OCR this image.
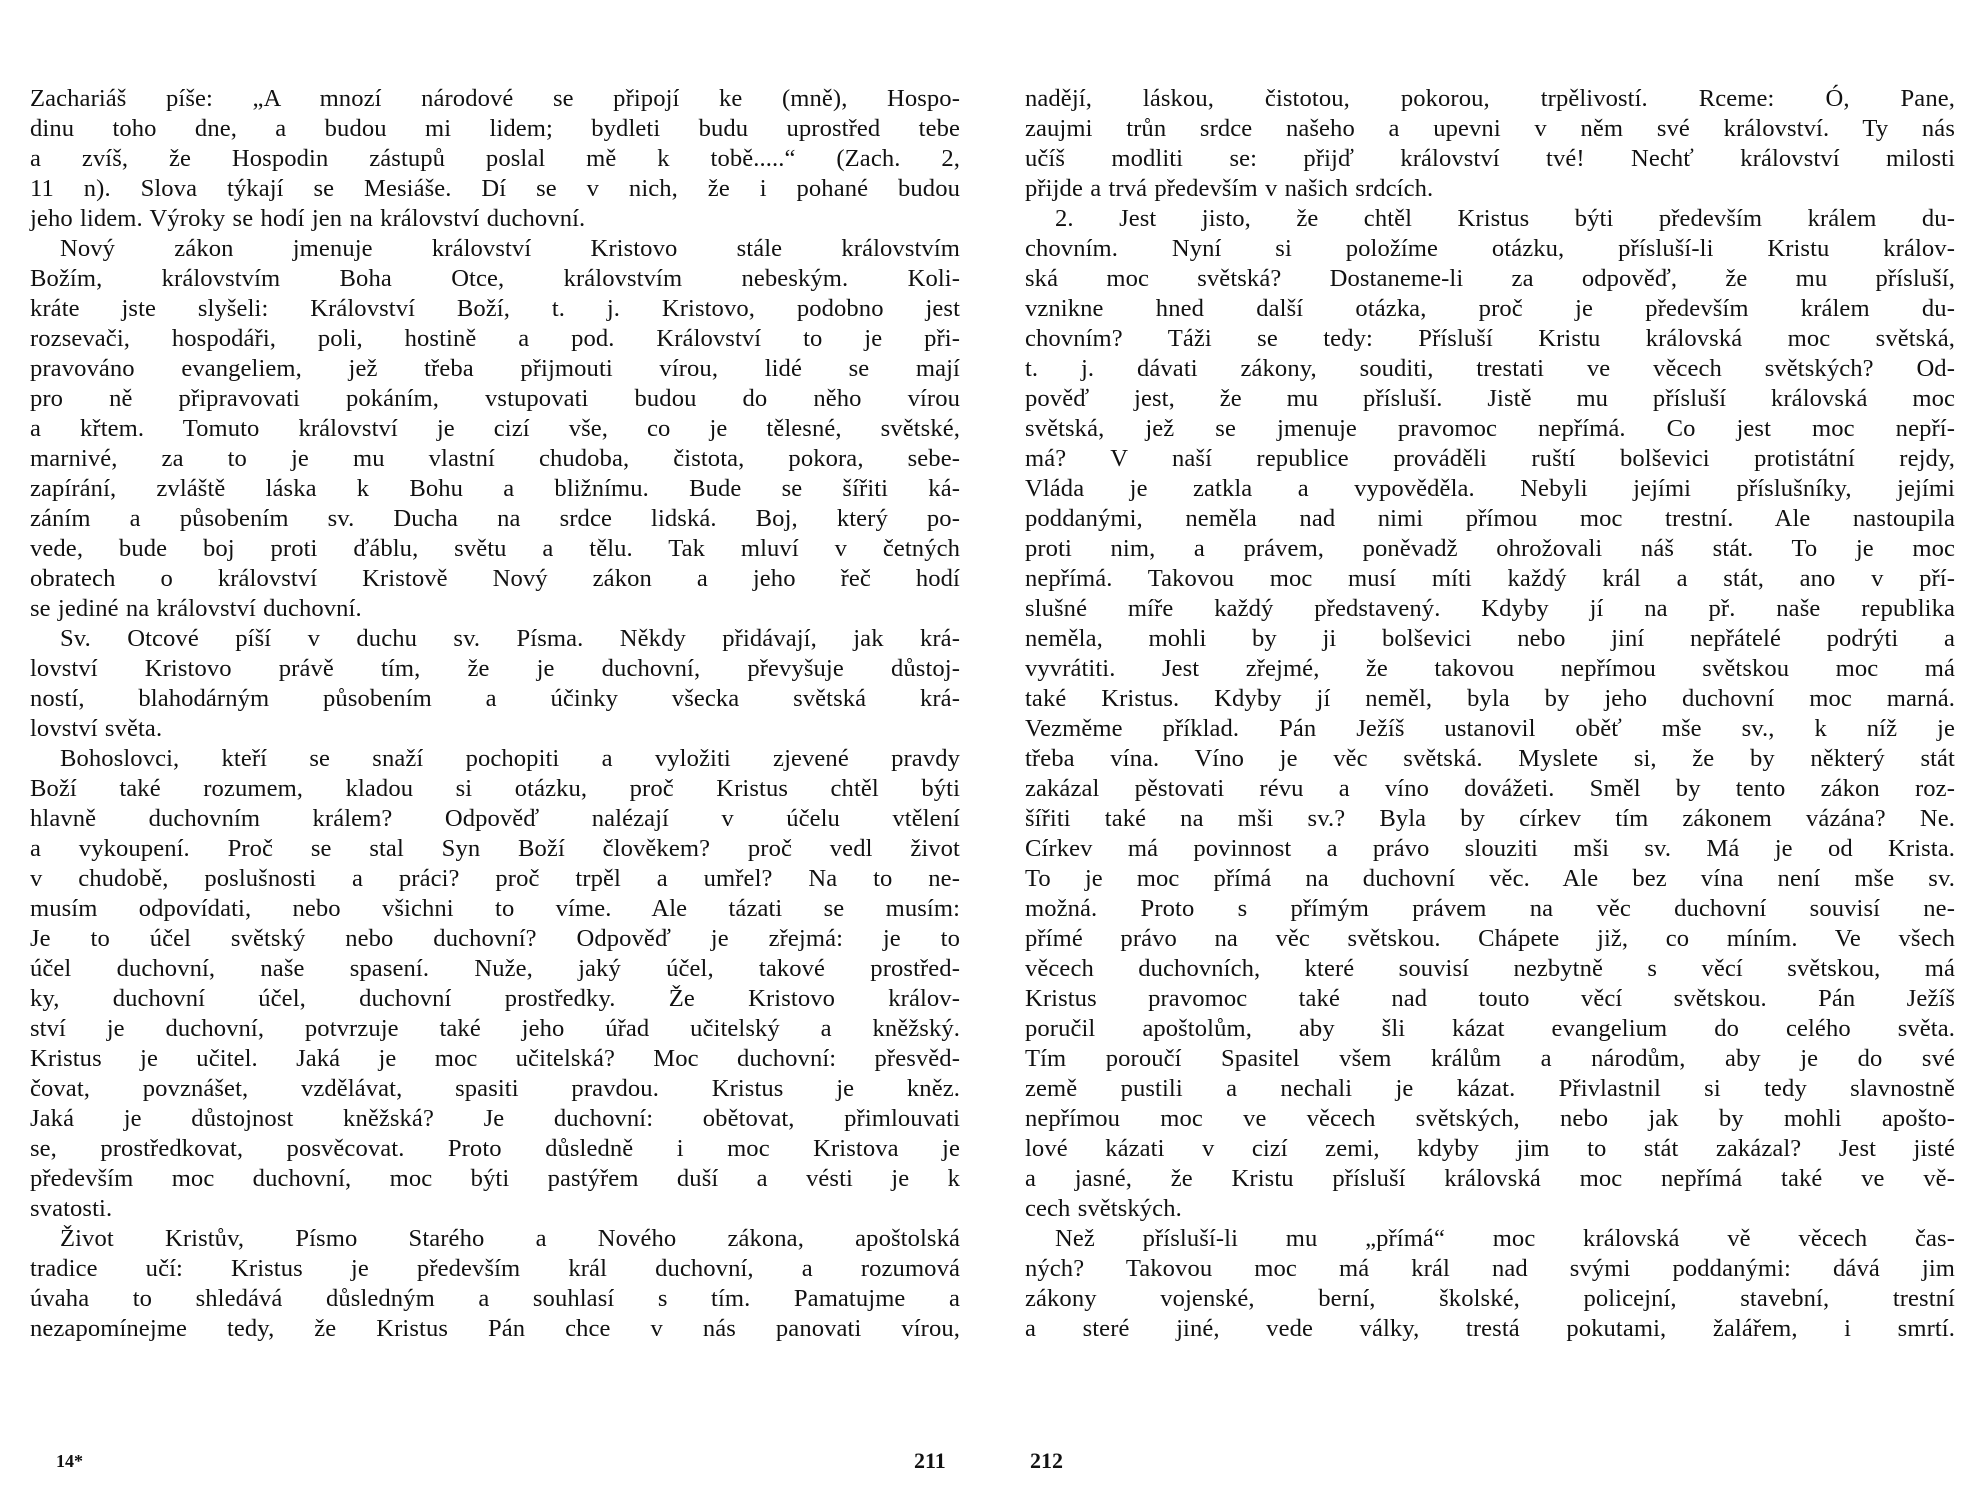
Zachariáš píše: „A mnozí národové se připojí ke (mně), Hospo-
dinu toho dne, a budou mi lidem; bydleti budu uprostřed tebe
a zvíš, že Hospodin zástupů poslal mě k tobě.....“ (Zach. 2,
11 n). Slova týkají se Mesiáše. Dí se v nich, že i pohané budou
jeho lidem. Výroky se hodí jen na království duchovní.
Nový zákon jmenuje království Kristovo stále královstvím
Božím, královstvím Boha Otce, královstvím nebeským. Koli-
kráte jste slyšeli: Království Boží, t. j. Kristovo, podobno jest
rozsevači, hospodáři, poli, hostině a pod. Království to je při-
pravováno evangeliem, jež třeba přijmouti vírou, lidé se mají
pro ně připravovati pokáním, vstupovati budou do něho vírou
a křtem. Tomuto království je cizí vše, co je tělesné, světské,
marnivé, za to je mu vlastní chudoba, čistota, pokora, sebe-
zapírání, zvláště láska k Bohu a bližnímu. Bude se šířiti ká-
záním a působením sv. Ducha na srdce lidská. Boj, který po-
vede, bude boj proti ďáblu, světu a tělu. Tak mluví v četných
obratech o království Kristově Nový zákon a jeho řeč hodí
se jediné na království duchovní.
Sv. Otcové píší v duchu sv. Písma. Někdy přidávají, jak krá-
lovství Kristovo právě tím, že je duchovní, převyšuje důstoj-
ností, blahodárným působením a účinky všecka světská krá-
lovství světa.
Bohoslovci, kteří se snaží pochopiti a vyložiti zjevené pravdy
Boží také rozumem, kladou si otázku, proč Kristus chtěl býti
hlavně duchovním králem? Odpověď nalézají v účelu vtělení
a vykoupení. Proč se stal Syn Boží člověkem? proč vedl život
v chudobě, poslušnosti a práci? proč trpěl a umřel? Na to ne-
musím odpovídati, nebo všichni to víme. Ale tázati se musím:
Je to účel světský nebo duchovní? Odpověď je zřejmá: je to
účel duchovní, naše spasení. Nuže, jaký účel, takové prostřed-
ky, duchovní účel, duchovní prostředky. Že Kristovo králov-
ství je duchovní, potvrzuje také jeho úřad učitelský a kněžský.
Kristus je učitel. Jaká je moc učitelská? Moc duchovní: přesvěd-
čovat, povznášet, vzdělávat, spasiti pravdou. Kristus je kněz.
Jaká je důstojnost kněžská? Je duchovní: obětovat, přimlouvati
se, prostředkovat, posvěcovat. Proto důsledně i moc Kristova je
především moc duchovní, moc býti pastýřem duší a vésti je k
svatosti.
Život Kristův, Písmo Starého a Nového zákona, apoštolská
tradice učí: Kristus je především král duchovní, a rozumová
úvaha to shledává důsledným a souhlasí s tím. Pamatujme a
nezapomínejme tedy, že Kristus Pán chce v nás panovati vírou,
nadějí, láskou, čistotou, pokorou, trpělivostí. Rceme: Ó, Pane,
zaujmi trůn srdce našeho a upevni v něm své království. Ty nás
učíš modliti se: přijď království tvé! Nechť království milosti
přijde a trvá především v našich srdcích.
2. Jest jisto, že chtěl Kristus býti především králem du-
chovním. Nyní si položíme otázku, přísluší-li Kristu králov-
ská moc světská? Dostaneme-li za odpověď, že mu přísluší,
vznikne hned další otázka, proč je především králem du-
chovním? Táži se tedy: Přísluší Kristu královská moc světská,
t. j. dávati zákony, souditi, trestati ve věcech světských? Od-
pověď jest, že mu přísluší. Jistě mu přísluší královská moc
světská, jež se jmenuje pravomoc nepřímá. Co jest moc nepří-
má? V naší republice prováděli ruští bolševici protistátní rejdy,
Vláda je zatkla a vypověděla. Nebyli jejími příslušníky, jejími
poddanými, neměla nad nimi přímou moc trestní. Ale nastoupila
proti nim, a právem, poněvadž ohrožovali náš stát. To je moc
nepřímá. Takovou moc musí míti každý král a stát, ano v pří-
slušné míře každý představený. Kdyby jí na př. naše republika
neměla, mohli by ji bolševici nebo jiní nepřátelé podrýti a
vyvrátiti. Jest zřejmé, že takovou nepřímou světskou moc má
také Kristus. Kdyby jí neměl, byla by jeho duchovní moc marná.
Vezměme příklad. Pán Ježíš ustanovil oběť mše sv., k níž je
třeba vína. Víno je věc světská. Myslete si, že by některý stát
zakázal pěstovati révu a víno dovážeti. Směl by tento zákon roz-
šířiti také na mši sv.? Byla by církev tím zákonem vázána? Ne.
Církev má povinnost a právo slouziti mši sv. Má je od Krista.
To je moc přímá na duchovní věc. Ale bez vína není mše sv.
možná. Proto s přímým právem na věc duchovní souvisí ne-
přímé právo na věc světskou. Chápete již, co míním. Ve všech
věcech duchovních, které souvisí nezbytně s věcí světskou, má
Kristus pravomoc také nad touto věcí světskou. Pán Ježíš
poručil apoštolům, aby šli kázat evangelium do celého světa.
Tím poroučí Spasitel všem králům a národům, aby je do své
země pustili a nechali je kázat. Přivlastnil si tedy slavnostně
nepřímou moc ve věcech světských, nebo jak by mohli apošto-
lové kázati v cizí zemi, kdyby jim to stát zakázal? Jest jisté
a jasné, že Kristu přísluší královská moc nepřímá také ve vě-
cech světských.
Než přísluší-li mu „přímá“ moc královská vě věcech čas-
ných? Takovou moc má král nad svými poddanými: dává jim
zákony vojenské, berní, školské, policejní, stavební, trestní
a steré jiné, vede války, trestá pokutami, žalářem, i smrtí.
14*	211	212
